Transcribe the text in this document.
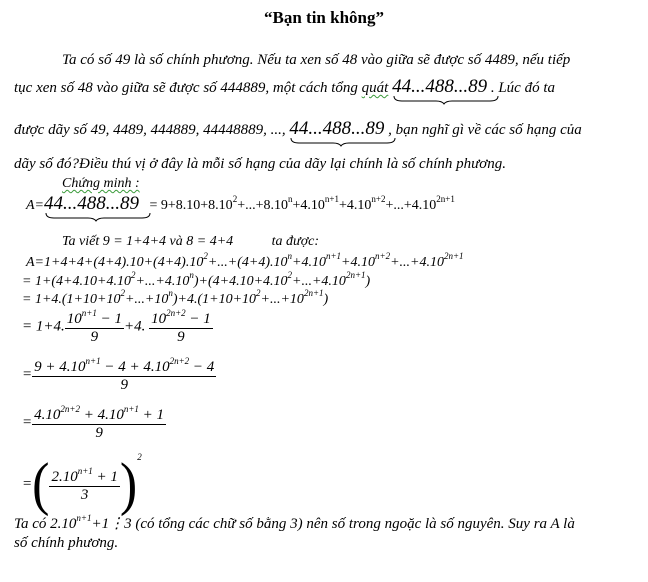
“Bạn tin không”
Ta có số 49 là số chính phương. Nếu ta xen số 48 vào giữa sẽ được số 4489, nếu tiếp
tục xen số 48 vào giữa sẽ được số 444889, một cách tổng quát 44...488...89 . Lúc đó ta
được dãy số 49, 4489, 444889, 44448889, ..., 44...488...89 , bạn nghĩ gì về các số hạng của
dãy số đó?Điều thú vị ở đây là mỗi số hạng của dãy lại chính là số chính phương.
Chứng minh :
$A=44...488...89 = 9+8.10+8.10^2+...+8.10^n+4.10^{n+1}+4.10^{n+2}+...+4.10^{2n+1}$
Ta viết 9 = 1+4+4 và 8 = 4+4	ta được:
$A=1+4+4+(4+4).10+(4+4).10^2+...+(4+4).10^n+4.10^{n+1}+4.10^{n+2}+...+4.10^{2n+1}$
= $1+(4+4.10+4.10^2+...+4.10^n)+(4+4.10+4.10^2+...+4.10^{2n+1})$
= $1+4.(1+10+10^2+...+10^n)+4.(1+10+10^2+...+10^{2n+1})$
= 1+4. $\frac{10^{n+1} - 1}{9} +4$. $\frac{10^{2n+2} - 1}{9}$
= $\frac{9 + 4.10^{n+1} - 4 + 4.10^{2n+2} - 4}{9}$
= $\frac{4.10^{2n+2} + 4.10^{n+1} + 1}{9}$
=( $\frac{2.10^{n+1} + 1}{3} )^2$
Ta có $2.10^{n+1}+1⋮3$ (có tổng các chữ số bằng 3) nên số trong ngoặc là số nguyên. Suy ra A là
số chính phương.
